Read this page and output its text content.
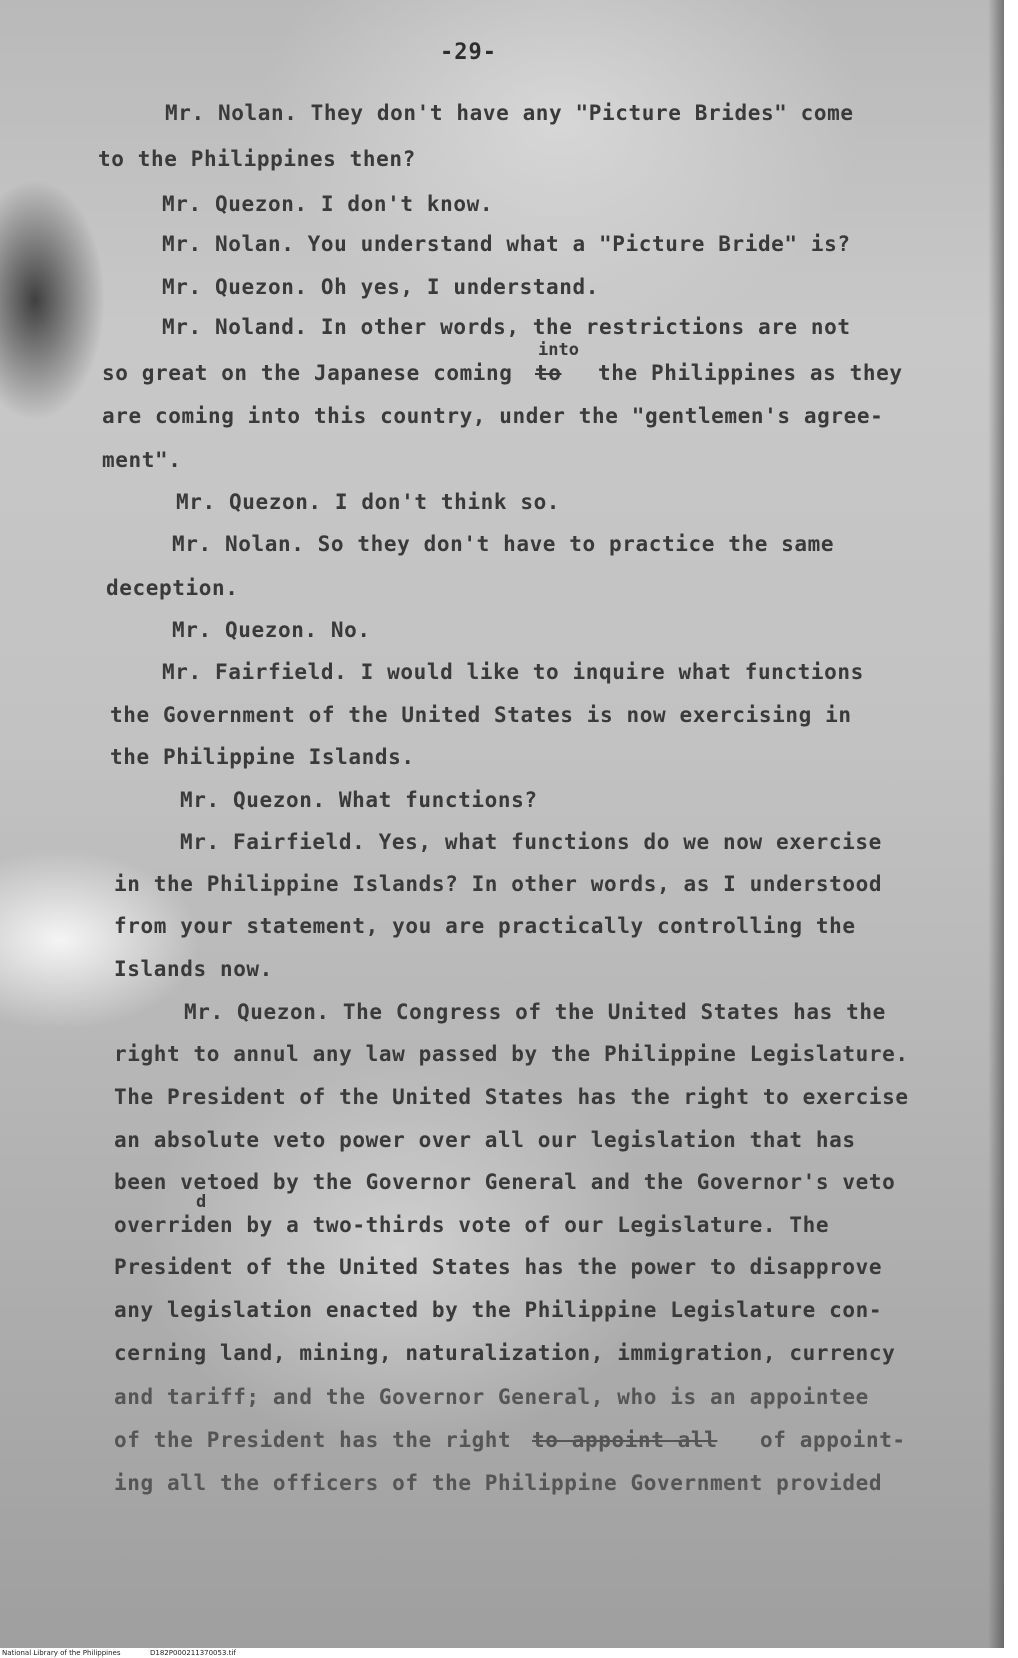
-29-
Mr. Nolan. They don't have any "Picture Brides" come
to the Philippines then?
Mr. Quezon. I don't know.
Mr. Nolan. You understand what a "Picture Bride" is?
Mr. Quezon. Oh yes, I understand.
Mr. Noland. In other words, the restrictions are not
into
so great on the Japanese coming to the Philippines as they
are coming into this country, under the "gentlemen's agree-
ment".
Mr. Quezon. I don't think so.
Mr. Nolan. So they don't have to practice the same
deception.
Mr. Quezon. No.
Mr. Fairfield. I would like to inquire what functions
the Government of the United States is now exercising in
the Philippine Islands.
Mr. Quezon. What functions?
Mr. Fairfield. Yes, what functions do we now exercise
in the Philippine Islands? In other words, as I understood
from your statement, you are practically controlling the
Islands now.
Mr. Quezon. The Congress of the United States has the
right to annul any law passed by the Philippine Legislature.
The President of the United States has the right to exercise
an absolute veto power over all our legislation that has
been vetoed by the Governor General and the Governor's veto
d
overriden by a two-thirds vote of our Legislature. The
President of the United States has the power to disapprove
any legislation enacted by the Philippine Legislature con-
cerning land, mining, naturalization, immigration, currency
and tariff; and the Governor General, who is an appointee
of the President has the right to appoint all of appoint-
ing all the officers of the Philippine Government provided
National Library of the Philippines	D182P000211370053.tif
